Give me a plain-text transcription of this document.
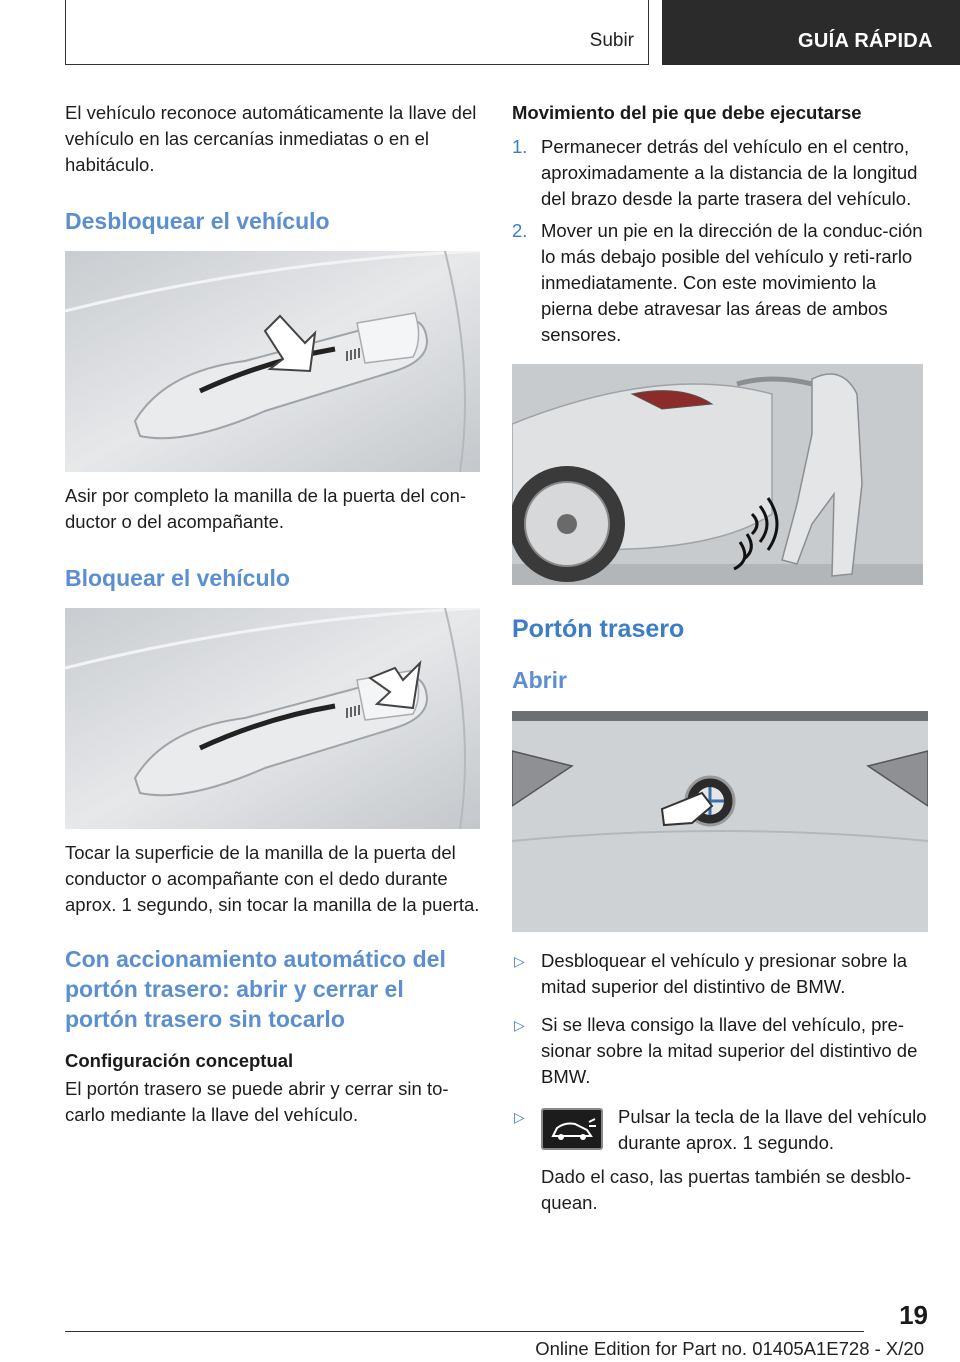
Subir	GUÍA RÁPIDA

El vehículo reconoce automáticamente la llave del vehículo en las cercanías inmediatas o en el habitáculo.

Desbloquear el vehículo

Asir por completo la manilla de la puerta del con-ductor o del acompañante.

Bloquear el vehículo

Tocar la superficie de la manilla de la puerta del conductor o acompañante con el dedo durante aprox. 1 segundo, sin tocar la manilla de la puerta.

Con accionamiento automático del portón trasero: abrir y cerrar el portón trasero sin tocarlo
Configuración conceptual

El portón trasero se puede abrir y cerrar sin to-carlo mediante la llave del vehículo.

Movimiento del pie que debe ejecutarse
1. Permanecer detrás del vehículo en el centro, aproximadamente a la distancia de la longitud del brazo desde la parte trasera del vehículo.
2. Mover un pie en la dirección de la conduc-ción lo más debajo posible del vehículo y reti-rarlo inmediatamente. Con este movimiento la pierna debe atravesar las áreas de ambos sensores.
Portón trasero
Abrir
▷ Desbloquear el vehículo y presionar sobre la mitad superior del distintivo de BMW.
▷ Si se lleva consigo la llave del vehículo, pre-sionar sobre la mitad superior del distintivo de BMW.
▷	Pulsar la tecla de la llave del vehículo durante aprox. 1 segundo.

Dado el caso, las puertas también se desblo-quean.

19
Online Edition for Part no. 01405A1E728 - X/20
